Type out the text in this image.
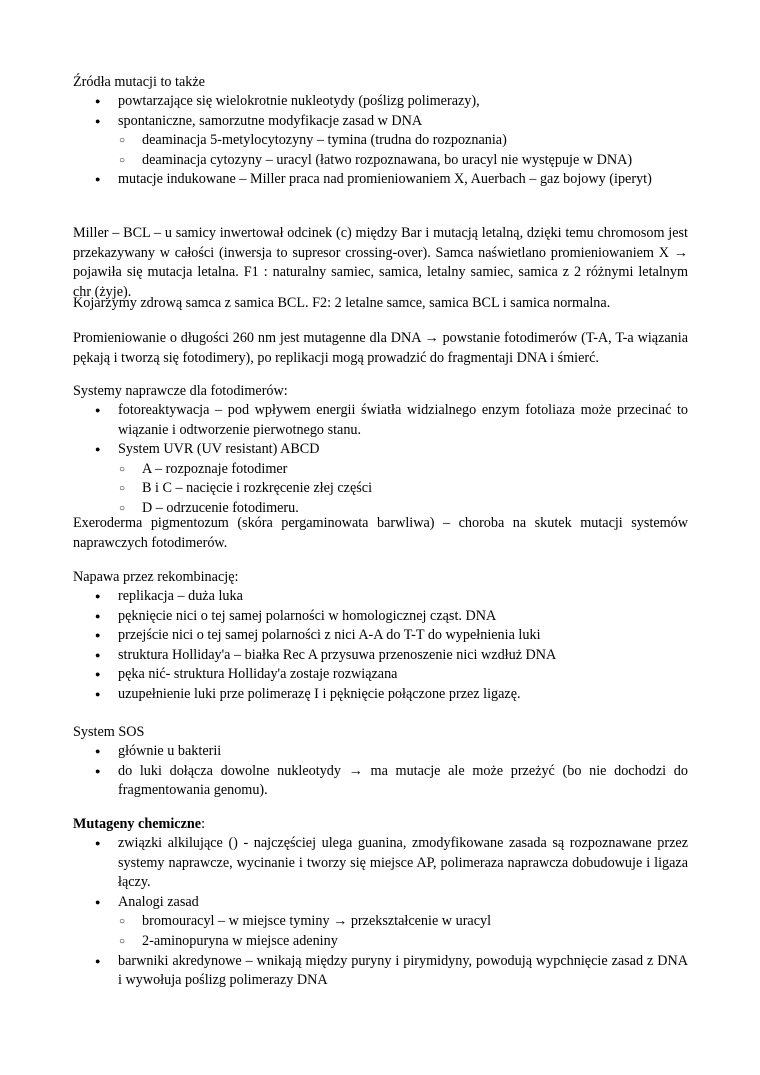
Źródła mutacji to także

● powtarzające się wielokrotnie nukleotydy (poślizg polimerazy),
● spontaniczne, samorzutne modyfikacje zasad w DNA
○ deaminacja 5-metylocytozyny – tymina (trudna do rozpoznania)
○ deaminacja cytozyny – uracyl (łatwo rozpoznawana, bo uracyl nie występuje w DNA)
● mutacje indukowane – Miller praca nad promieniowaniem X, Auerbach – gaz bojowy (iperyt)

Miller – BCL – u samicy inwertował odcinek (c) między Bar i mutacją letalną, dzięki temu chromosom jest przekazywany w całości (inwersja to supresor crossing-over). Samca naświetlano promieniowaniem X → pojawiła się mutacja letalna. F1 : naturalny samiec, samica, letalny samiec, samica z 2 różnymi letalnym chr (żyje).

Kojarzymy zdrową samca z samica BCL. F2: 2 letalne samce, samica BCL i samica normalna.

Promieniowanie o długości 260 nm jest mutagenne dla DNA → powstanie fotodimerów (T-A, T-a wiązania pękają i tworzą się fotodimery), po replikacji mogą prowadzić do fragmentaji DNA i śmierć.

Systemy naprawcze dla fotodimerów:

● fotoreaktywacja – pod wpływem energii światła widzialnego enzym fotoliaza może przecinać to wiązanie i odtworzenie pierwotnego stanu.
● System UVR (UV resistant) ABCD
○ A – rozpoznaje fotodimer
○ B i C – nacięcie i rozkręcenie złej części
○ D – odrzucenie fotodimeru.

Exeroderma pigmentozum (skóra pergaminowata barwliwa) – choroba na skutek mutacji systemów naprawczych fotodimerów.

Napawa przez rekombinację:

● replikacja – duża luka
● pęknięcie nici o tej samej polarności w homologicznej cząst. DNA
● przejście nici o tej samej polarności z nici A-A do T-T do wypełnienia luki
● struktura Holliday'a – białka Rec A przysuwa przenoszenie nici wzdłuż DNA
● pęka nić- struktura Holliday'a zostaje rozwiązana
● uzupełnienie luki prze polimerazę I i pęknięcie połączone przez ligazę.

System SOS

● głównie u bakterii
● do luki dołącza dowolne nukleotydy → ma mutacje ale może przeżyć (bo nie dochodzi do fragmentowania genomu).

Mutageny chemiczne:

● związki alkilujące () - najczęściej ulega guanina, zmodyfikowane zasada są rozpoznawane przez systemy naprawcze, wycinanie i tworzy się miejsce AP, polimeraza naprawcza dobudowuje i ligaza łączy.
● Analogi zasad
○ bromouracyl – w miejsce tyminy → przekształcenie w uracyl
○ 2-aminopuryna w miejsce adeniny
● barwniki akredynowe – wnikają między puryny i pirymidyny, powodują wypchnięcie zasad z DNA i wywołuja poślizg polimerazy DNA
